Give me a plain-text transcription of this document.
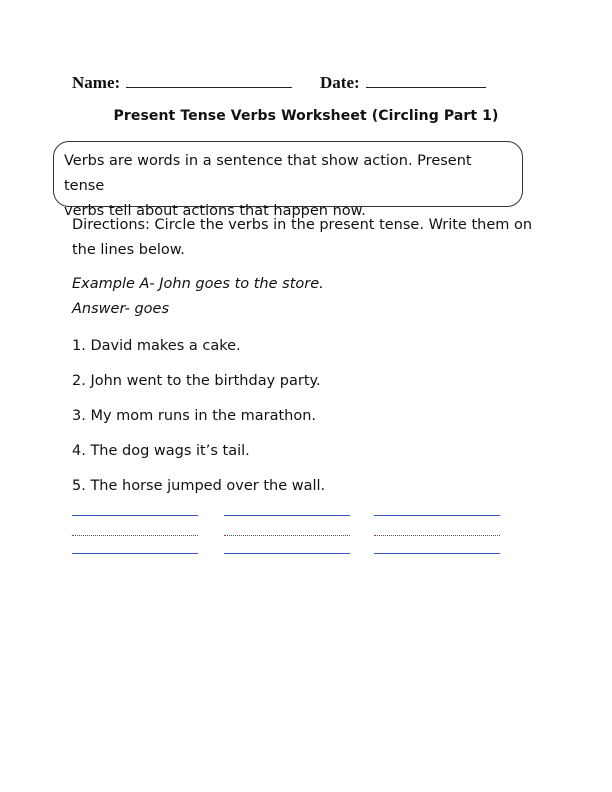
Name:	Date:
Present Tense Verbs Worksheet (Circling Part 1)
Verbs are words in a sentence that show action. Present tense
verbs tell about actions that happen now.
Directions: Circle the verbs in the present tense. Write them on
the lines below.
Example A- John goes to the store.
Answer- goes
1. David makes a cake.
2. John went to the birthday party.
3. My mom runs in the marathon.
4. The dog wags it’s tail.
5. The horse jumped over the wall.
